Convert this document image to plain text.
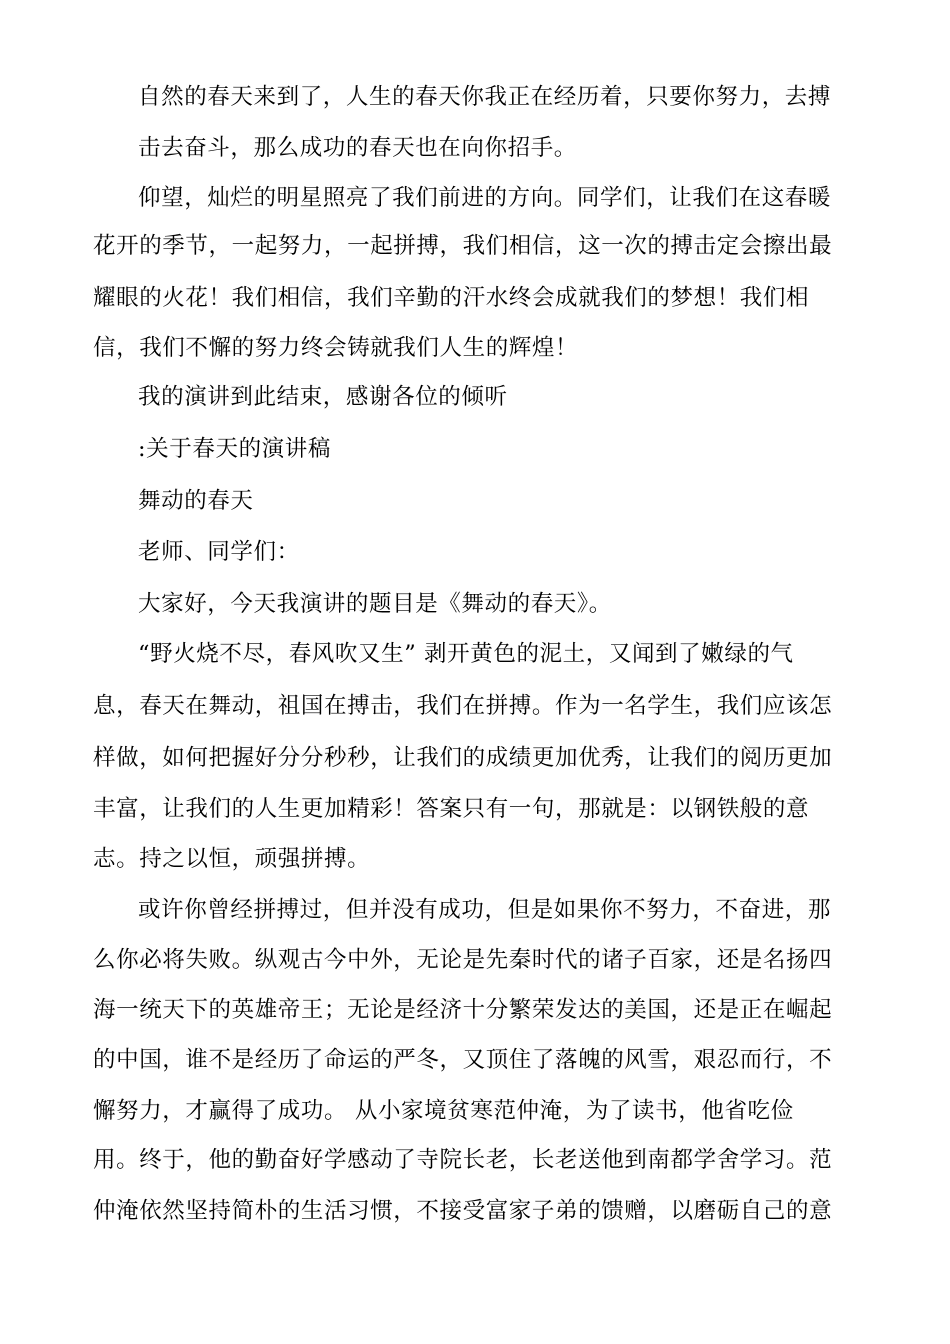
自然的春天来到了，人生的春天你我正在经历着，只要你努力，去搏
击去奋斗，那么成功的春天也在向你招手。
仰望，灿烂的明星照亮了我们前进的方向。同学们，让我们在这春暖
花开的季节，一起努力，一起拼搏，我们相信，这一次的搏击定会擦出最
耀眼的火花！我们相信，我们辛勤的汗水终会成就我们的梦想！我们相
信，我们不懈的努力终会铸就我们人生的辉煌！
我的演讲到此结束，感谢各位的倾听
:关于春天的演讲稿
舞动的春天
老师、同学们：
大家好，今天我演讲的题目是《舞动的春天》。
“野火烧不尽，春风吹又生” 剥开黄色的泥土，又闻到了嫩绿的气
息，春天在舞动，祖国在搏击，我们在拼搏。作为一名学生，我们应该怎
样做，如何把握好分分秒秒，让我们的成绩更加优秀，让我们的阅历更加
丰富，让我们的人生更加精彩！答案只有一句，那就是：以钢铁般的意
志。持之以恒，顽强拼搏。
或许你曾经拼搏过，但并没有成功，但是如果你不努力，不奋进，那
么你必将失败。纵观古今中外，无论是先秦时代的诸子百家，还是名扬四
海一统天下的英雄帝王；无论是经济十分繁荣发达的美国，还是正在崛起
的中国，谁不是经历了命运的严冬，又顶住了落魄的风雪，艰忍而行，不
懈努力，才赢得了成功。 从小家境贫寒范仲淹，为了读书，他省吃俭
用。终于，他的勤奋好学感动了寺院长老，长老送他到南都学舍学习。范
仲淹依然坚持简朴的生活习惯，不接受富家子弟的馈赠，以磨砺自己的意
